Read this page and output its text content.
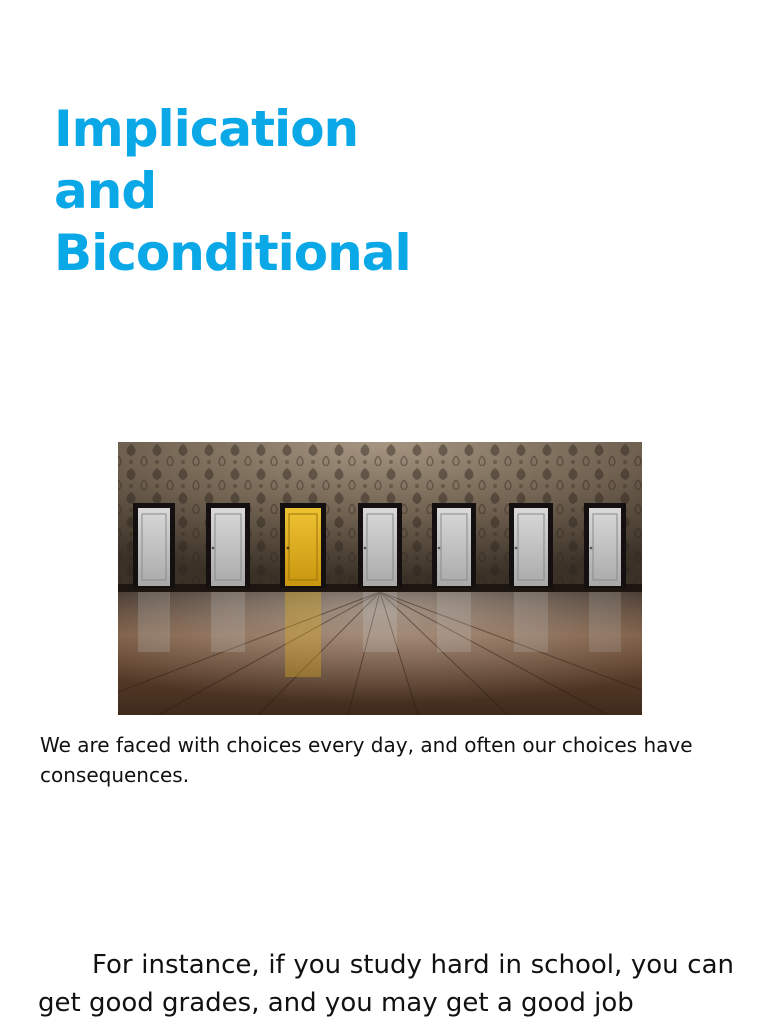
Implication
and
Biconditional

We are faced with choices every day, and often our choices have consequences.

For instance, if you study hard in school, you can get good grades, and you may get a good job
